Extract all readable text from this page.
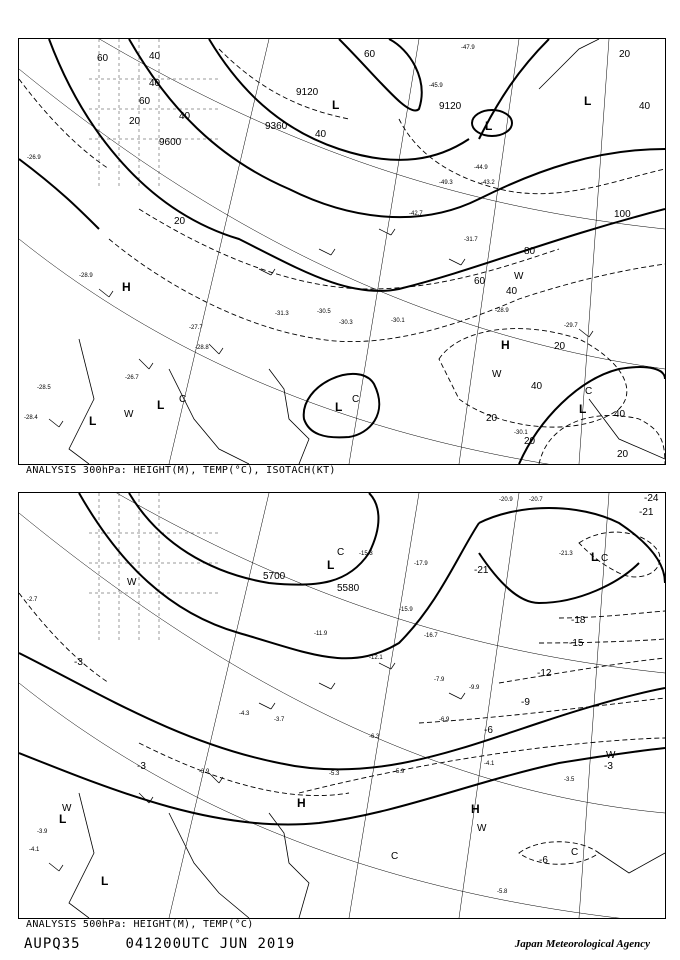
9120
9360
9600
9120
60	40
40
60
20	40
20
60
40
100
80
60
40
20
40
40
20
20
20
40
20
H
L
L	L
C
L
C
H
W
L
C
W
W
L
L
-28.9
-27.7
-28.8
-26.7
-31.3	-30.5
-30.3	-30.1
-31.7
-42.7
-44.9
-49.3
-45.9
-47.9
-43.2
-28.9
-29.7
-26.9
-28.5
-28.4
-30.1
ANALYSIS 300hPa: HEIGHT(M), TEMP(°C), ISOTACH(KT)
5700
5580
-24
-21
-21
-18
-15
-12
-9
-6
-3
-3	-3
-6
L
C	L C
W
H	H
W
C
W
C
L
W
L
-20.9	-20.7
-21.3
-15.3
-17.9
-15.9
-16.7
-12.1
-11.9
-9.9
-7.9
-6.9
-6.3
-5.9
-5.3
-4.3
-3.7
-4.1
-3.9
-5.8
-3.5
-3.9
-4.1
-2.7
ANALYSIS 500hPa: HEIGHT(M), TEMP(°C)
AUPQ35	041200UTC JUN 2019	Japan Meteorological Agency
